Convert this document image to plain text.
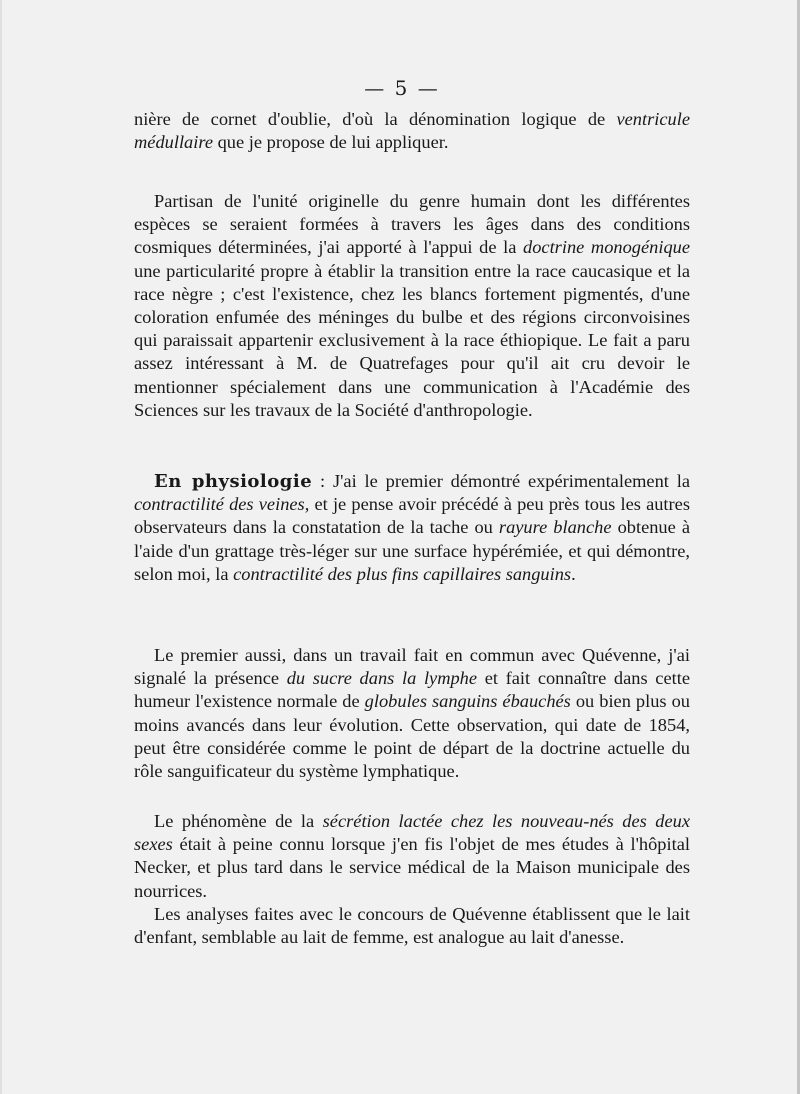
— 5 —

nière de cornet d'oublie, d'où la dénomination logique de ventricule médullaire que je propose de lui appliquer.

Partisan de l'unité originelle du genre humain dont les différentes espèces se seraient formées à travers les âges dans des conditions cosmiques déterminées, j'ai apporté à l'appui de la doctrine monogénique une particularité propre à établir la transition entre la race caucasique et la race nègre ; c'est l'existence, chez les blancs fortement pigmentés, d'une coloration enfumée des méninges du bulbe et des régions circonvoisines qui paraissait appartenir exclusivement à la race éthiopique. Le fait a paru assez intéressant à M. de Quatrefages pour qu'il ait cru devoir le mentionner spécialement dans une communication à l'Académie des Sciences sur les travaux de la Société d'anthropologie.

En physiologie : J'ai le premier démontré expérimentalement la contractilité des veines, et je pense avoir précédé à peu près tous les autres observateurs dans la constatation de la tache ou rayure blanche obtenue à l'aide d'un grattage très-léger sur une surface hypérémiée, et qui démontre, selon moi, la contractilité des plus fins capillaires sanguins.

Le premier aussi, dans un travail fait en commun avec Quévenne, j'ai signalé la présence du sucre dans la lymphe et fait connaître dans cette humeur l'existence normale de globules sanguins ébauchés ou bien plus ou moins avancés dans leur évolution. Cette observation, qui date de 1854, peut être considérée comme le point de départ de la doctrine actuelle du rôle sanguificateur du système lymphatique.

Le phénomène de la sécrétion lactée chez les nouveau-nés des deux sexes était à peine connu lorsque j'en fis l'objet de mes études à l'hôpital Necker, et plus tard dans le service médical de la Maison municipale des nourrices.

Les analyses faites avec le concours de Quévenne établissent que le lait d'enfant, semblable au lait de femme, est analogue au lait d'anesse.
